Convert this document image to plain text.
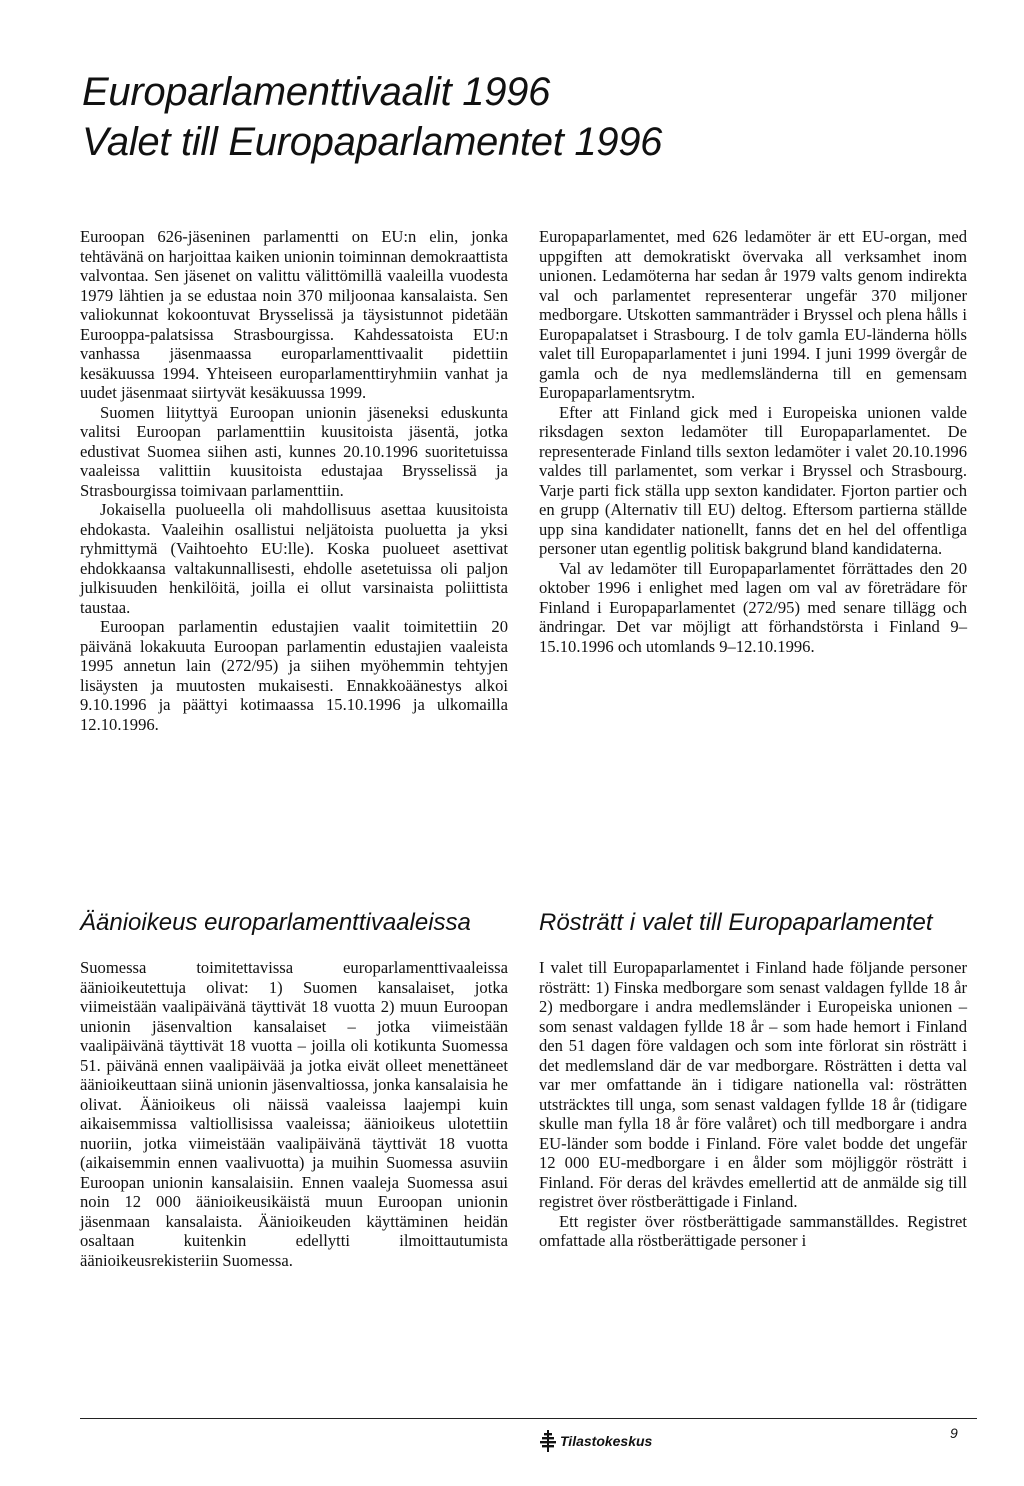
Europarlamenttivaalit 1996
Valet till Europaparlamentet 1996

Euroopan 626-jäseninen parlamentti on EU:n elin, jonka tehtävänä on harjoittaa kaiken unionin toiminnan demokraattista valvontaa. Sen jäsenet on valittu välittömillä vaaleilla vuodesta 1979 lähtien ja se edustaa noin 370 miljoonaa kansalaista. Sen valiokunnat kokoontuvat Brysselissä ja täysistunnot pidetään Eurooppa-palatsissa Strasbourgissa. Kahdessatoista EU:n vanhassa jäsenmaassa europarlamenttivaalit pidettiin kesäkuussa 1994. Yhteiseen europarlamenttiryhmiin vanhat ja uudet jäsenmaat siirtyvät kesäkuussa 1999.

Suomen liityttyä Euroopan unionin jäseneksi eduskunta valitsi Euroopan parlamenttiin kuusitoista jäsentä, jotka edustivat Suomea siihen asti, kunnes 20.10.1996 suoritetuissa vaaleissa valittiin kuusitoista edustajaa Brysselissä ja Strasbourgissa toimivaan parlamenttiin.

Jokaisella puolueella oli mahdollisuus asettaa kuusitoista ehdokasta. Vaaleihin osallistui neljätoista puoluetta ja yksi ryhmittymä (Vaihtoehto EU:lle). Koska puolueet asettivat ehdokkaansa valtakunnallisesti, ehdolle asetetuissa oli paljon julkisuuden henkilöitä, joilla ei ollut varsinaista poliittista taustaa.

Euroopan parlamentin edustajien vaalit toimitettiin 20 päivänä lokakuuta Euroopan parlamentin edustajien vaaleista 1995 annetun lain (272/95) ja siihen myöhemmin tehtyjen lisäysten ja muutosten mukaisesti. Ennakkoäänestys alkoi 9.10.1996 ja päättyi kotimaassa 15.10.1996 ja ulkomailla 12.10.1996.

Europaparlamentet, med 626 ledamöter är ett EU-organ, med uppgiften att demokratiskt övervaka all verksamhet inom unionen. Ledamöterna har sedan år 1979 valts genom indirekta val och parlamentet representerar ungefär 370 miljoner medborgare. Utskotten sammanträder i Bryssel och plena hålls i Europapalatset i Strasbourg. I de tolv gamla EU-länderna hölls valet till Europaparlamentet i juni 1994. I juni 1999 övergår de gamla och de nya medlemsländerna till en gemensam Europaparlamentsrytm.

Efter att Finland gick med i Europeiska unionen valde riksdagen sexton ledamöter till Europaparlamentet. De representerade Finland tills sexton ledamöter i valet 20.10.1996 valdes till parlamentet, som verkar i Bryssel och Strasbourg. Varje parti fick ställa upp sexton kandidater. Fjorton partier och en grupp (Alternativ till EU) deltog. Eftersom partierna ställde upp sina kandidater nationellt, fanns det en hel del offentliga personer utan egentlig politisk bakgrund bland kandidaterna.

Val av ledamöter till Europaparlamentet förrättades den 20 oktober 1996 i enlighet med lagen om val av företrädare för Finland i Europaparlamentet (272/95) med senare tillägg och ändringar. Det var möjligt att förhandstörsta i Finland 9–15.10.1996 och utomlands 9–12.10.1996.

Äänioikeus europarlamenttivaaleissa	Rösträtt i valet till Europaparlamentet

Suomessa toimitettavissa europarlamenttivaaleissa äänioikeutettuja olivat: 1) Suomen kansalaiset, jotka viimeistään vaalipäivänä täyttivät 18 vuotta 2) muun Euroopan unionin jäsenvaltion kansalaiset – jotka viimeistään vaalipäivänä täyttivät 18 vuotta – joilla oli kotikunta Suomessa 51. päivänä ennen vaalipäivää ja jotka eivät olleet menettäneet äänioikeuttaan siinä unionin jäsenvaltiossa, jonka kansalaisia he olivat. Äänioikeus oli näissä vaaleissa laajempi kuin aikaisemmissa valtiollisissa vaaleissa; äänioikeus ulotettiin nuoriin, jotka viimeistään vaalipäivänä täyttivät 18 vuotta (aikaisemmin ennen vaalivuotta) ja muihin Suomessa asuviin Euroopan unionin kansalaisiin. Ennen vaaleja Suomessa asui noin 12 000 äänioikeusikäistä muun Euroopan unionin jäsenmaan kansalaista. Äänioikeuden käyttäminen heidän osaltaan kuitenkin edellytti ilmoittautumista äänioikeusrekisteriin Suomessa.

I valet till Europaparlamentet i Finland hade följande personer rösträtt: 1) Finska medborgare som senast valdagen fyllde 18 år 2) medborgare i andra medlemsländer i Europeiska unionen – som senast valdagen fyllde 18 år – som hade hemort i Finland den 51 dagen före valdagen och som inte förlorat sin rösträtt i det medlemsland där de var medborgare. Rösträtten i detta val var mer omfattande än i tidigare nationella val: rösträtten utsträcktes till unga, som senast valdagen fyllde 18 år (tidigare skulle man fylla 18 år före valåret) och till medborgare i andra EU-länder som bodde i Finland. Före valet bodde det ungefär 12 000 EU-medborgare i en ålder som möjliggör rösträtt i Finland. För deras del krävdes emellertid att de anmälde sig till registret över röstberättigade i Finland.

Ett register över röstberättigade sammanställdes. Registret omfattade alla röstberättigade personer i

Tilastokeskus	9
